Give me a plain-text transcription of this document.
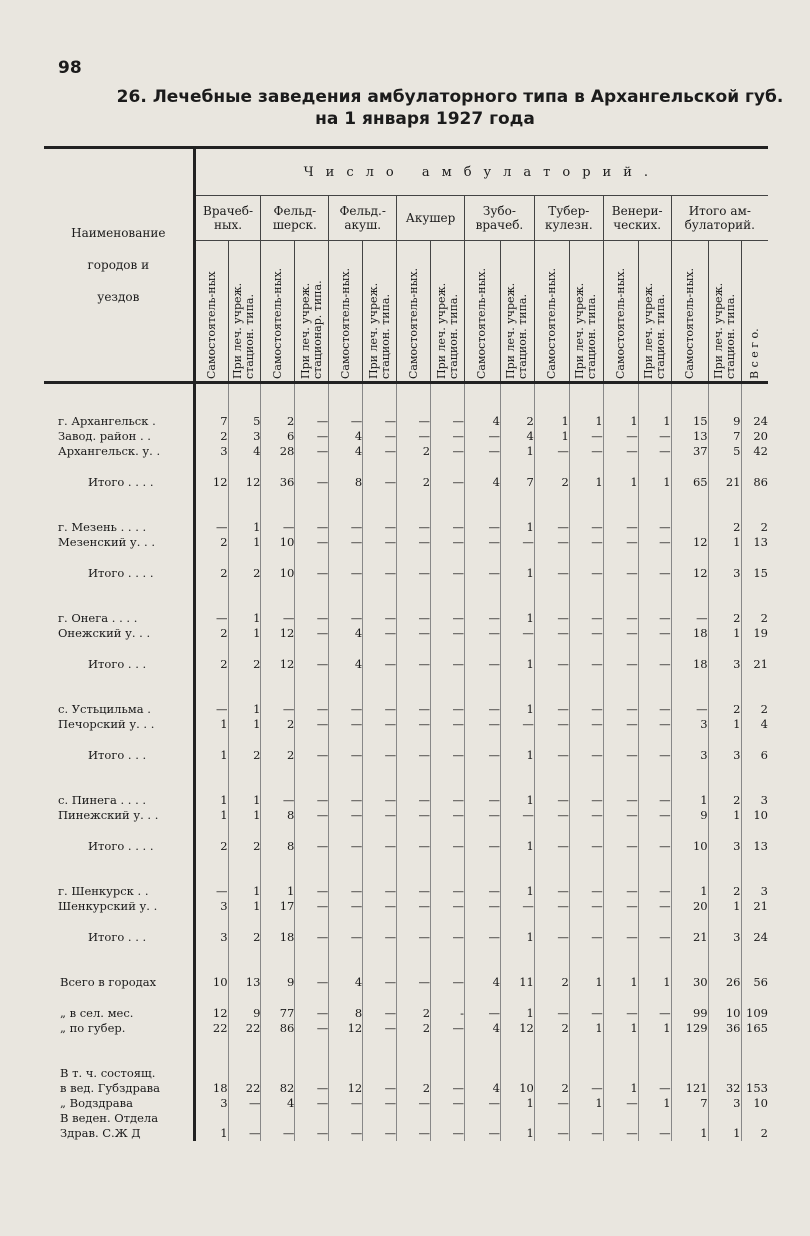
98
26. Лечебные заведения амбулаторного типа в Архангельской губ.
на 1 января 1927 года
Наименование
городов и
уездов	Число амбулаторий.																
	Врачеб-ных.		Фельд-шерск.		Фельд.-акуш.		Акушер		Зубо-врачеб.		Тубер-кулезн.		Венери-ческих.		Итого ам-булаторий.		

	Самостоятель-ных	При леч. учреж. стацион. типа.	Самостоятель-ных.	При леч. учреж. стационар. типа.	Самостоятель-ных.	При леч. учреж. стацион. типа.	Самостоятель-ных.	При леч. учреж. стацион. типа.	Самостоятель-ных.	При леч. учреж. стацион. типа.	Самостоятель-ных.	При леч. учреж. стацион. типа.	Самостоятель-ных.	При леч. учреж. стацион. типа.	Самостоятель-ных.	При леч. учреж. стацион. типа.	В с е г о.

г. Архангельск .	7	5	2	—	—	—	—	—	4	2	1	1	1	1	15	9	24
Завод. район . .	2	3	6	—	4	—	—	—	—	4	1	—	—	—	13	7	20
Архангельск. у. .	3	4	28	—	4	—	2	—	—	1	—	—	—	—	37	5	42

Итого . . . .	12	12	36	—	8	—	2	—	4	7	2	1	1	1	65	21	86

г. Мезень . . . .	—	1	—	—	—	—	—	—	—	1	—	—	—	—		2	2
Мезенский у. . .	2	1	10	—	—	—	—	—	—	—	—	—	—	—	12	1	13

Итого . . . .	2	2	10	—	—	—	—	—	—	1	—	—	—	—	12	3	15

г. Онега . . . .	—	1	—	—	—	—	—	—	—	1	—	—	—	—	—	2	2
Онежский у. . .	2	1	12	—	4	—	—	—	—	—	—	—	—	—	18	1	19

Итого . . .	2	2	12	—	4	—	—	—	—	1	—	—	—	—	18	3	21

с. Устьцильма .	—	1	—	—	—	—	—	—	—	1	—	—	—	—	—	2	2
Печорский у. . .	1	1	2	—	—	—	—	—	—	—	—	—	—	—	3	1	4

Итого . . .	1	2	2	—	—	—	—	—	—	1	—	—	—	—	3	3	6

с. Пинега . . . .	1	1	—	—	—	—	—	—	—	1	—	—	—	—	1	2	3
Пинежский у. . .	1	1	8	—	—	—	—	—	—	—	—	—	—	—	9	1	10

Итого . . . .	2	2	8	—	—	—	—	—	—	1	—	—	—	—	10	3	13

г. Шенкурск . .	—	1	1	—	—	—	—	—	—	1	—	—	—	—	1	2	3
Шенкурский у. .	3	1	17	—	—	—	—	—	—	—	—	—	—	—	20	1	21

Итого . . .	3	2	18	—	—	—	—	—	—	1	—	—	—	—	21	3	24

Всего в городах	10	13	9	—	4	—	—	—	4	11	2	1	1	1	30	26	56

„ в сел. мес.	12	9	77	—	8	—	2	-	—	1	—	—	—	—	99	10	109
„ по губер.	22	22	86	—	12	—	2	—	4	12	2	1	1	1	129	36	165

В т. ч. состоящ.																	
в вед. Губздрава	18	22	82	—	12	—	2	—	4	10	2	—	1	—	121	32	153
„ Водздрава	3	—	4	—	—	—	—	—	—	1	—	1	—	1	7	3	10
В веден. Отдела																	
Здрав. С.Ж Д	1	—	—	—	—	—	—	—	—	1	—	—	—	—	1	1	2
